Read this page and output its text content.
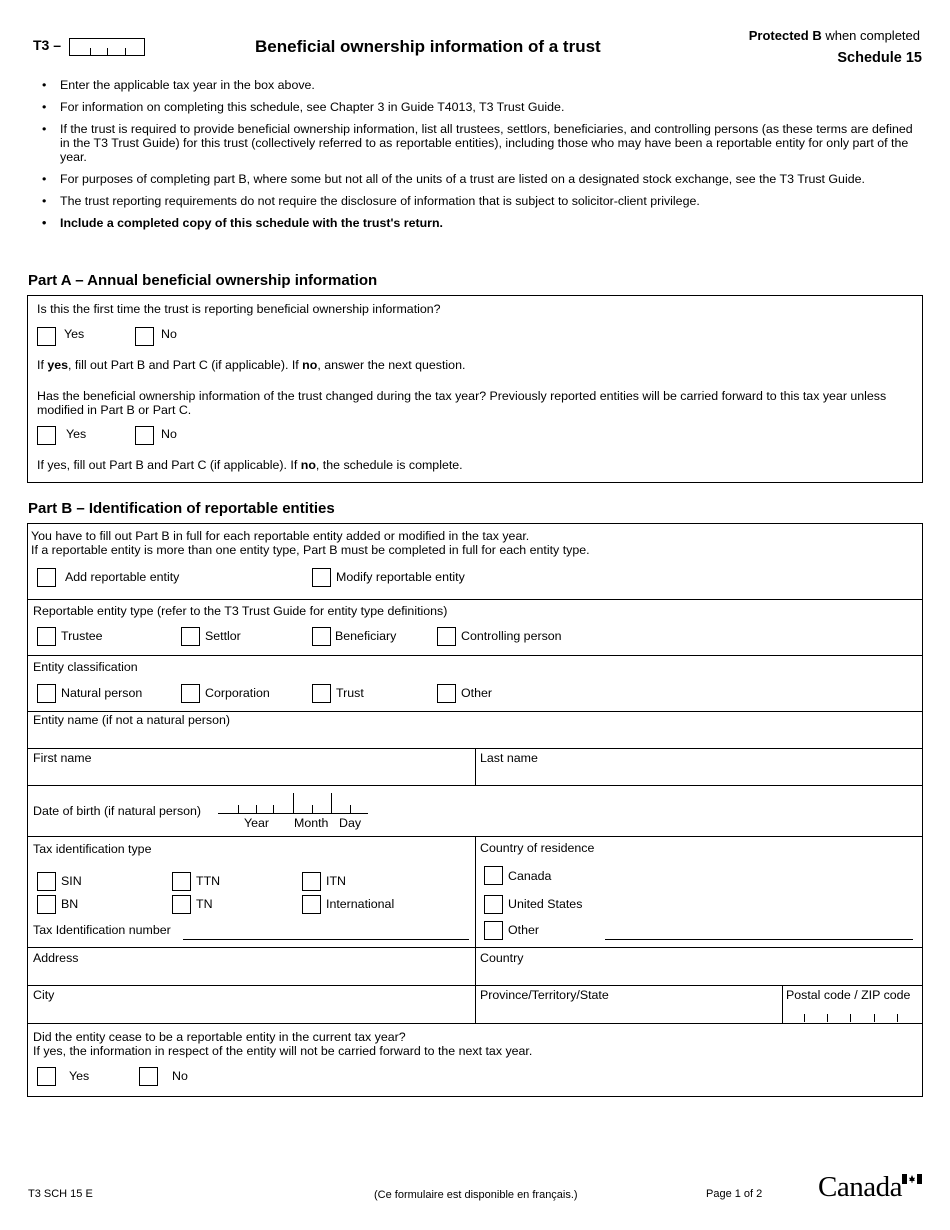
T3 –	Beneficial ownership information of a trust
Protected B when completed
Schedule 15
• Enter the applicable tax year in the box above.
• For information on completing this schedule, see Chapter 3 in Guide T4013, T3 Trust Guide.
• If the trust is required to provide beneficial ownership information, list all trustees, settlors, beneficiaries, and controlling persons (as these terms are defined in the T3 Trust Guide) for this trust (collectively referred to as reportable entities), including those who may have been a reportable entity for only part of the year.
• For purposes of completing part B, where some but not all of the units of a trust are listed on a designated stock exchange, see the T3 Trust Guide.
• The trust reporting requirements do not require the disclosure of information that is subject to solicitor-client privilege.
• Include a completed copy of this schedule with the trust's return.
Part A – Annual beneficial ownership information
Is this the first time the trust is reporting beneficial ownership information?
Yes	No
If yes, fill out Part B and Part C (if applicable). If no, answer the next question.
Has the beneficial ownership information of the trust changed during the tax year? Previously reported entities will be carried forward to this tax year unless modified in Part B or Part C.
Yes	No
If yes, fill out Part B and Part C (if applicable). If no, the schedule is complete.
Part B – Identification of reportable entities
You have to fill out Part B in full for each reportable entity added or modified in the tax year.
If a reportable entity is more than one entity type, Part B must be completed in full for each entity type.
Add reportable entity	Modify reportable entity
Reportable entity type (refer to the T3 Trust Guide for entity type definitions)
Trustee	Settlor	Beneficiary	Controlling person
Entity classification
Natural person	Corporation	Trust	Other
Entity name (if not a natural person)
First name	Last name
Date of birth (if natural person)
Year Month Day
Tax identification type
SIN	TTN	ITN
BN	TN	International
Tax Identification number
Country of residence
Canada
United States
Other
Address	Country
City	Province/Territory/State	Postal code / ZIP code
Did the entity cease to be a reportable entity in the current tax year?
If yes, the information in respect of the entity will not be carried forward to the next tax year.
Yes	No
T3 SCH 15 E	(Ce formulaire est disponible en français.)	Page 1 of 2 Canada
